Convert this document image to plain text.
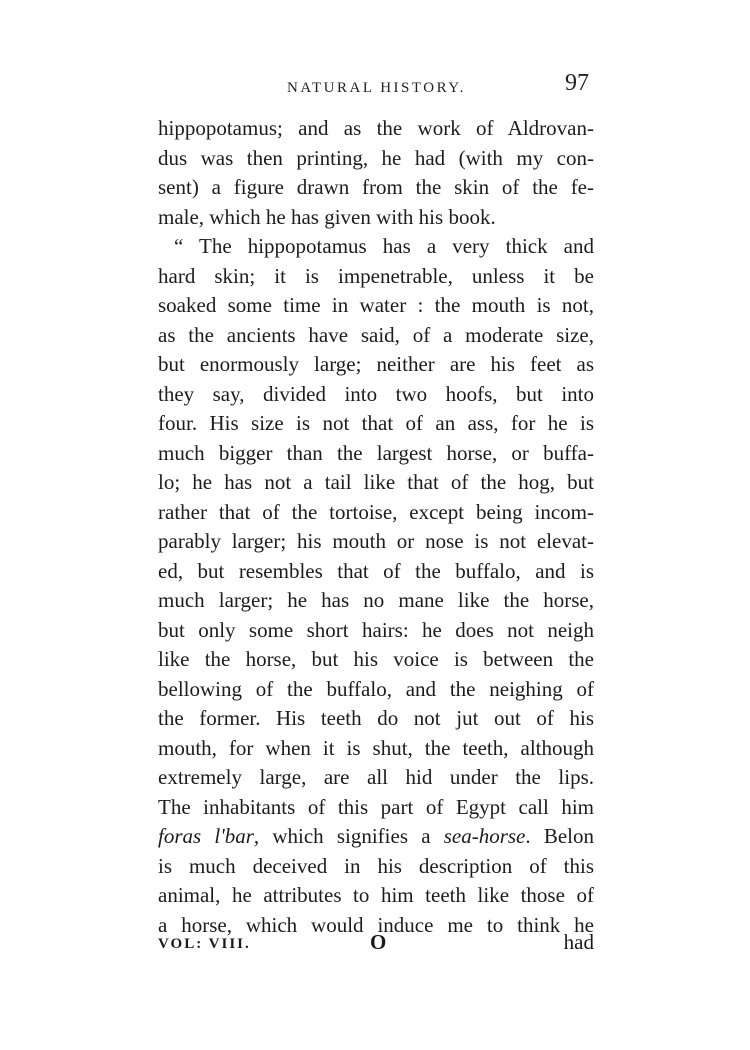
NATURAL HISTORY.	97
hippopotamus; and as the work of Aldrovan-
dus was then printing, he had (with my con-
sent) a figure drawn from the skin of the fe-
male, which he has given with his book.
“ The hippopotamus has a very thick and
hard skin; it is impenetrable, unless it be
soaked some time in water : the mouth is not,
as the ancients have said, of a moderate size,
but enormously large; neither are his feet as
they say, divided into two hoofs, but into
four. His size is not that of an ass, for he is
much bigger than the largest horse, or buffa-
lo; he has not a tail like that of the hog, but
rather that of the tortoise, except being incom-
parably larger; his mouth or nose is not elevat-
ed, but resembles that of the buffalo, and is
much larger; he has no mane like the horse,
but only some short hairs: he does not neigh
like the horse, but his voice is between the
bellowing of the buffalo, and the neighing of
the former. His teeth do not jut out of his
mouth, for when it is shut, the teeth, although
extremely large, are all hid under the lips.
The inhabitants of this part of Egypt call him
foras l'bar, which signifies a sea-horse. Belon
is much deceived in his description of this
animal, he attributes to him teeth like those of
a horse, which would induce me to think he
VOL: VIII.	O	had
